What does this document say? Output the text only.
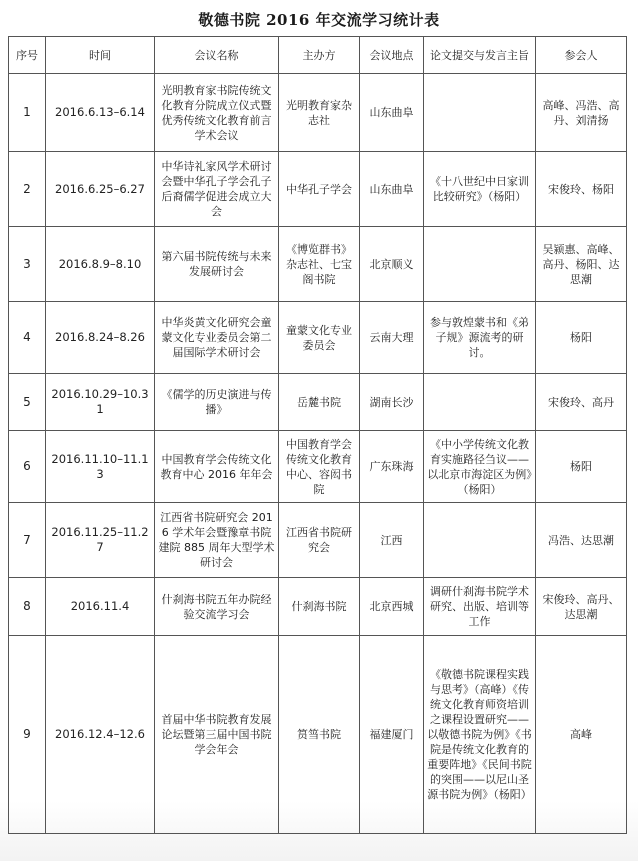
敬德书院 2016 年交流学习统计表
序号	时间	会议名称	主办方	会议地点	论文提交与发言主旨	参会人
1	2016.6.13–6.14	光明教育家书院传统文化教育分院成立仪式暨优秀传统文化教育前言学术会议	光明教育家杂志社	山东曲阜		高峰、冯浩、高丹、刘清扬
2	2016.6.25–6.27	中华诗礼家风学术研讨会暨中华孔子学会孔子后裔儒学促进会成立大会	中华孔子学会	山东曲阜	《十八世纪中日家训比较研究》（杨阳）	宋俊玲、杨阳
3	2016.8.9–8.10	第六届书院传统与未来发展研讨会	《博览群书》杂志社、七宝阁书院	北京顺义		吴颍惠、高峰、高丹、杨阳、达思潮
4	2016.8.24–8.26	中华炎黄文化研究会童蒙文化专业委员会第二届国际学术研讨会	童蒙文化专业委员会	云南大理	参与敦煌蒙书和《弟子规》源流考的研讨。	杨阳
5	2016.10.29–10.31	《儒学的历史演进与传播》	岳麓书院	湖南长沙		宋俊玲、高丹
6	2016.11.10–11.13	中国教育学会传统文化教育中心 2016 年年会	中国教育学会传统文化教育中心、容闳书院	广东珠海	《中小学传统文化教育实施路径刍议——以北京市海淀区为例》（杨阳）	杨阳
7	2016.11.25–11.27	江西省书院研究会 2016 学术年会暨豫章书院建院 885 周年大型学术研讨会	江西省书院研究会	江西		冯浩、达思潮
8	2016.11.4	什刹海书院五年办院经验交流学习会	什刹海书院	北京西城	调研什刹海书院学术研究、出版、培训等工作	宋俊玲、高丹、达思潮
9	2016.12.4–12.6	首届中华书院教育发展论坛暨第三届中国书院学会年会	筼筜书院	福建厦门	《敬德书院课程实践与思考》（高峰）《传统文化教育师资培训之课程设置研究——以敬德书院为例》《书院是传统文化教育的重要阵地》《民间书院的突围——以尼山圣源书院为例》（杨阳）	高峰
